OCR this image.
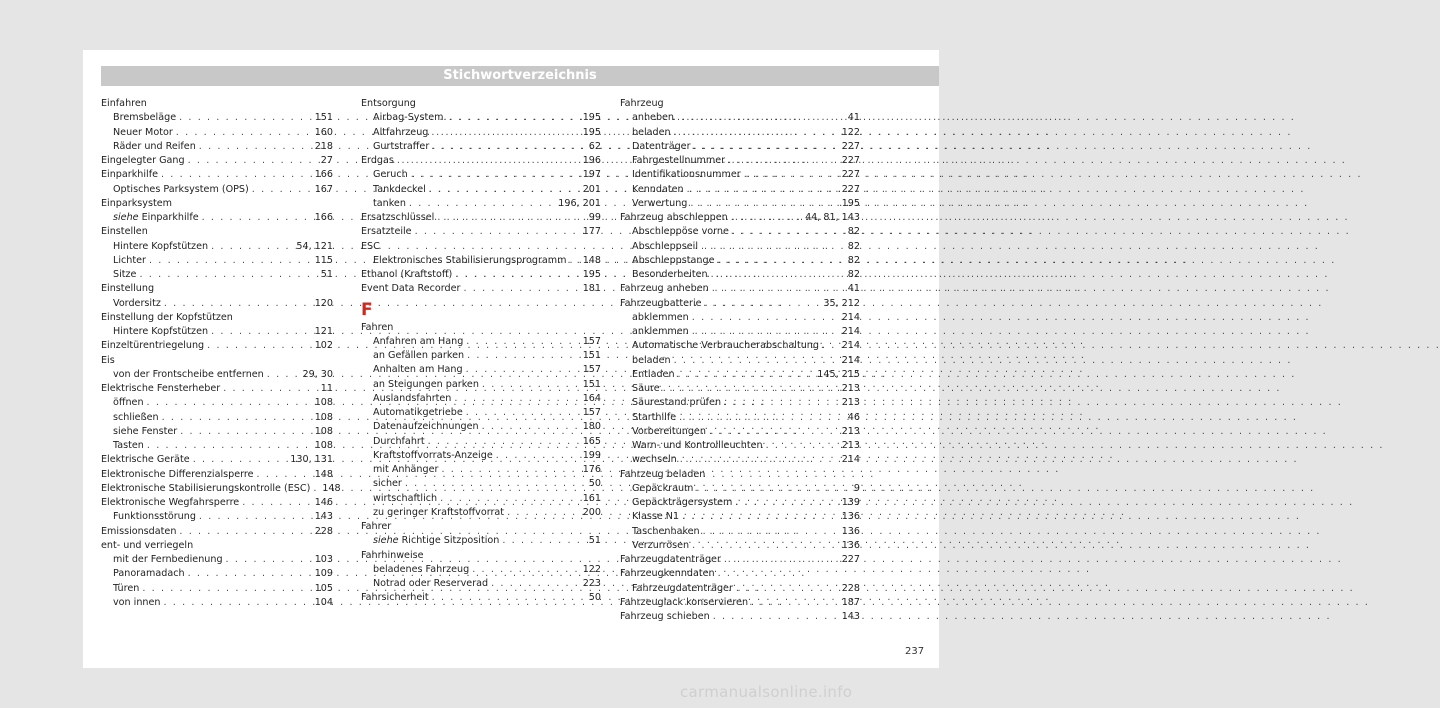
Stichwortverzeichnis
Einfahren
Bremsbeläge . . .	151
Neuer Motor . . .	160
Räder und Reifen . . .	218
Eingelegter Gang . . .	27
Einparkhilfe . . .	166
Optisches Parksystem (OPS) . . .	167
Einparksystem
siehe Einparkhilfe . . .	166
Einstellen
Hintere Kopfstützen . . .	54, 121
Lichter . . .	115
Sitze . . .	51
Einstellung
Vordersitz . . .	120
Einstellung der Kopfstützen
Hintere Kopfstützen . . .	121
Einzeltürentriegelung . . .	102
Eis
von der Frontscheibe entfernen . . .	29, 30
Elektrische Fensterheber . . .	11
öffnen . . .	108
schließen . . .	108
siehe Fenster . . .	108
Tasten . . .	108
Elektrische Geräte . . .	130, 131
Elektronische Differenzialsperre . . .	148
Elektronische Stabilisierungskontrolle (ESC) . . . 148
Elektronische Wegfahrsperre . . .	146
Funktionsstörung . . .	143
Emissionsdaten . . .	228
ent- und verriegeln
mit der Fernbedienung . . .	103
Panoramadach . . .	109
Türen . . .	105
von innen . . .	104
Entsorgung
Airbag-System. . . .	195
Altfahrzeug . . .	195
Gurtstraffer . . .	62
Erdgas . . .	196
Geruch . . .	197
Tankdeckel . . .	201
tanken . . .	196, 201
Ersatzschlüssel . . .	99
Ersatzteile . . .	177
ESC
Elektronisches Stabilisierungsprogramm . . . 148
Ethanol (Kraftstoff) . . .	195
Event Data Recorder . . .	181
F
Fahren
Anfahren am Hang . . .	157
an Gefällen parken . . .	151
Anhalten am Hang . . .	157
an Steigungen parken . . .	151
Auslandsfahrten . . .	164
Automatikgetriebe . . .	157
Datenaufzeichnungen . . .	180
Durchfahrt . . .	165
Kraftstoffvorrats-Anzeige . . .	199
mit Anhänger . . .	176
sicher . . .	50
wirtschaftlich . . .	161
zu geringer Kraftstoffvorrat . . .	200
Fahrer
siehe Richtige Sitzposition . . .	51
Fahrhinweise
beladenes Fahrzeug . . .	122
Notrad oder Reserverad . . .	223
Fahrsicherheit . . .	50
Fahrzeug
anheben . . .	41
beladen . . .	122
Datenträger . . .	227
Fahrgestellnummer . . .	227
Identifikationsnummer . . .	227
Kenndaten . . .	227
Verwertung . . .	195
Fahrzeug abschleppen . . .	44, 81, 143
Abschleppöse vorne . . .	82
Abschleppseil . . .	82
Abschleppstange . . .	82
Besonderheiten . . .	82
Fahrzeug anheben . . .	41
Fahrzeugbatterie . . .	35, 212
abklemmen . . .	214
anklemmen . . .	214
Automatische Verbraucherabschaltung . . . 214
beladen . . .	214
Entladen . . .	145, 215
Säure . . .	213
Säurestand prüfen . . .	213
Starthilfe . . .	46
Vorbereitungen . . .	213
Warn- und Kontrollleuchten . . .	213
wechseln . . .	214
Fahrzeug beladen
Gepäckraum . . .	9
Gepäckträgersystem . . .	139
Klasse N1 . . .	136
Taschenhaken . . .	136
Verzurrösen . . .	136
Fahrzeugdatenträger . . .	227
Fahrzeugkenndaten
Fahrzeugdatenträger . . .	228
Fahrzeuglack konservieren . . .	187
Fahrzeug schieben . . .	143
237
carmanualsonline.info
